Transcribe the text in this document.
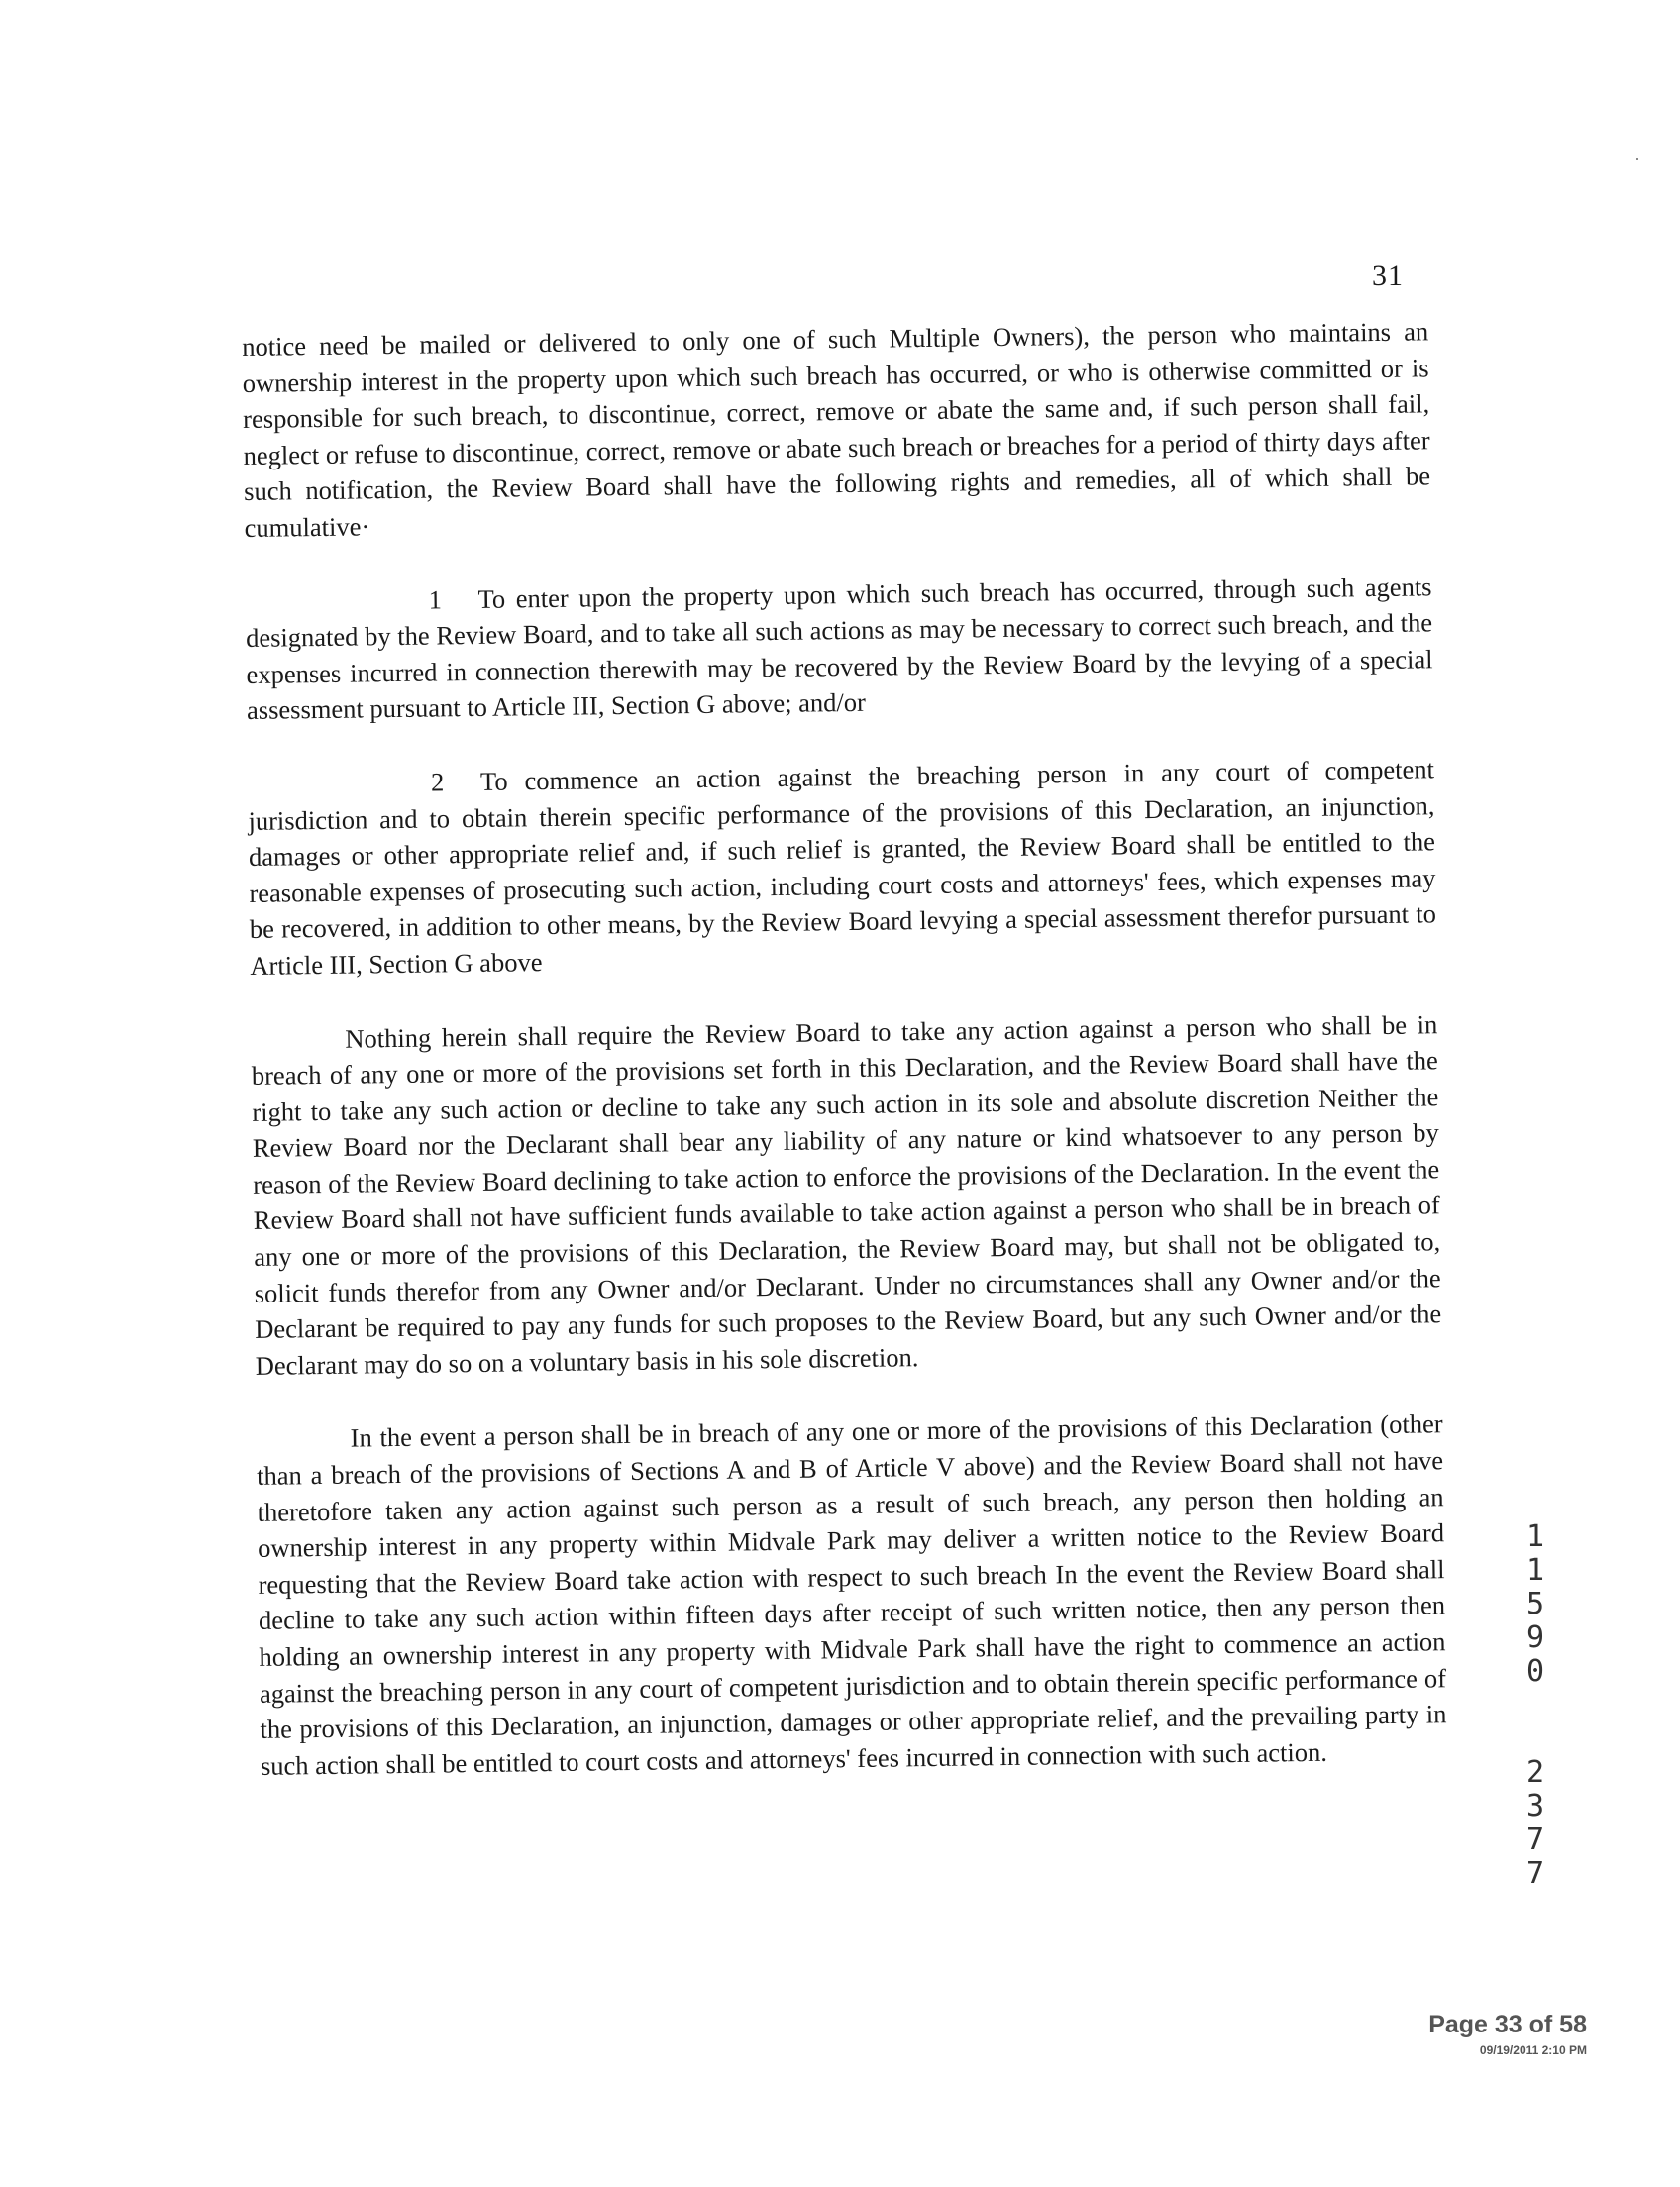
31

notice need be mailed or delivered to only one of such Multiple Owners), the person who maintains an ownership interest in the property upon which such breach has occurred, or who is otherwise committed or is responsible for such breach, to discontinue, correct, remove or abate the same and, if such person shall fail, neglect or refuse to discontinue, correct, remove or abate such breach or breaches for a period of thirty days after such notification, the Review Board shall have the following rights and remedies, all of which shall be cumulative·

1 To enter upon the property upon which such breach has occurred, through such agents designated by the Review Board, and to take all such actions as may be necessary to correct such breach, and the expenses incurred in connection therewith may be recovered by the Review Board by the levying of a special assessment pursuant to Article III, Section G above; and/or

2 To commence an action against the breaching person in any court of competent jurisdiction and to obtain therein specific performance of the provisions of this Declaration, an injunction, damages or other appropriate relief and, if such relief is granted, the Review Board shall be entitled to the reasonable expenses of prosecuting such action, including court costs and attorneys' fees, which expenses may be recovered, in addition to other means, by the Review Board levying a special assessment therefor pursuant to Article III, Section G above

Nothing herein shall require the Review Board to take any action against a person who shall be in breach of any one or more of the provisions set forth in this Declaration, and the Review Board shall have the right to take any such action or decline to take any such action in its sole and absolute discretion Neither the Review Board nor the Declarant shall bear any liability of any nature or kind whatsoever to any person by reason of the Review Board declining to take action to enforce the provisions of the Declaration. In the event the Review Board shall not have sufficient funds available to take action against a person who shall be in breach of any one or more of the provisions of this Declaration, the Review Board may, but shall not be obligated to, solicit funds therefor from any Owner and/or Declarant. Under no circumstances shall any Owner and/or the Declarant be required to pay any funds for such proposes to the Review Board, but any such Owner and/or the Declarant may do so on a voluntary basis in his sole discretion.

In the event a person shall be in breach of any one or more of the provisions of this Declaration (other than a breach of the provisions of Sections A and B of Article V above) and the Review Board shall not have theretofore taken any action against such person as a result of such breach, any person then holding an ownership interest in any property within Midvale Park may deliver a written notice to the Review Board requesting that the Review Board take action with respect to such breach In the event the Review Board shall decline to take any such action within fifteen days after receipt of such written notice, then any person then holding an ownership interest in any property with Midvale Park shall have the right to commence an action against the breaching person in any court of competent jurisdiction and to obtain therein specific performance of the provisions of this Declaration, an injunction, damages or other appropriate relief, and the prevailing party in such action shall be entitled to court costs and attorneys' fees incurred in connection with such action.

1
1
5
9
0
2
3
7
7
Page 33 of 58
09/19/2011 2:10 PM
